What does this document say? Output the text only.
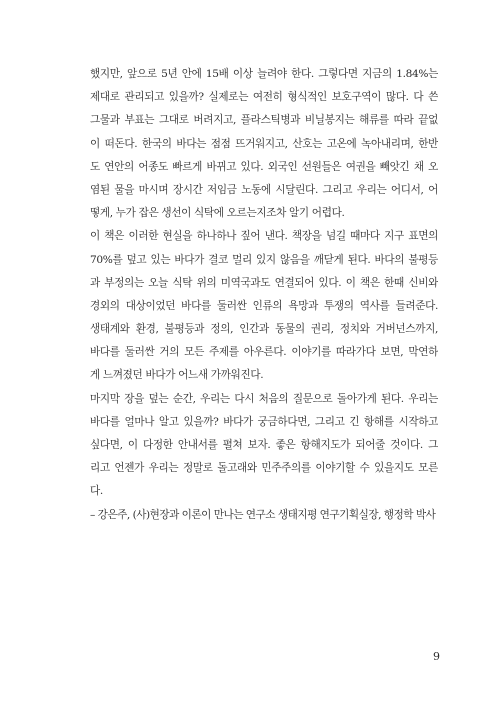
했지만, 앞으로 5년 안에 15배 이상 늘려야 한다. 그렇다면 지금의 1.84%는
제대로 관리되고 있을까? 실제로는 여전히 형식적인 보호구역이 많다. 다 쓴
그물과 부표는 그대로 버려지고, 플라스틱병과 비닐봉지는 해류를 따라 끝없
이 떠돈다. 한국의 바다는 점점 뜨거워지고, 산호는 고온에 녹아내리며, 한반
도 연안의 어종도 빠르게 바뀌고 있다. 외국인 선원들은 여권을 빼앗긴 채 오
염된 물을 마시며 장시간 저임금 노동에 시달린다. 그리고 우리는 어디서, 어
떻게, 누가 잡은 생선이 식탁에 오르는지조차 알기 어렵다.
이 책은 이러한 현실을 하나하나 짚어 낸다. 책장을 넘길 때마다 지구 표면의
70%를 덮고 있는 바다가 결코 멀리 있지 않음을 깨닫게 된다. 바다의 불평등
과 부정의는 오늘 식탁 위의 미역국과도 연결되어 있다. 이 책은 한때 신비와
경외의 대상이었던 바다를 둘러싼 인류의 욕망과 투쟁의 역사를 들려준다.
생태계와 환경, 불평등과 정의, 인간과 동물의 권리, 정치와 거버넌스까지,
바다를 둘러싼 거의 모든 주제를 아우른다. 이야기를 따라가다 보면, 막연하
게 느껴졌던 바다가 어느새 가까워진다.
마지막 장을 덮는 순간, 우리는 다시 처음의 질문으로 돌아가게 된다. 우리는
바다를 얼마나 알고 있을까? 바다가 궁금하다면, 그리고 긴 항해를 시작하고
싶다면, 이 다정한 안내서를 펼쳐 보자. 좋은 항해지도가 되어줄 것이다. 그
리고 언젠가 우리는 정말로 돌고래와 민주주의를 이야기할 수 있을지도 모른
다.
– 강은주, (사)현장과 이론이 만나는 연구소 생태지평 연구기획실장, 행정학 박사
9
